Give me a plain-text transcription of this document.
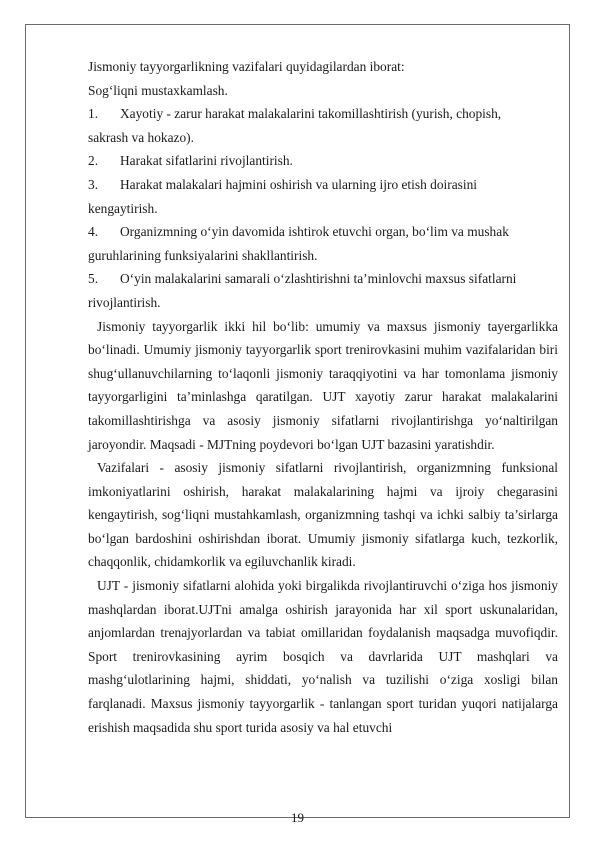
Jismoniy tayyorgarlikning vazifalari quyidagilardan iborat:

Sog‘liqni mustaxkamlash.

1. Xayotiy - zarur harakat malakalarini takomillashtirish (yurish, chopish,
sakrash va hokazo).
2. Harakat sifatlarini rivojlantirish.
3. Harakat malakalari hajmini oshirish va ularning ijro etish doirasini
kengaytirish.
4. Organizmning o‘yin davomida ishtirok etuvchi organ, bo‘lim va mushak
guruhlarining funksiyalarini shakllantirish.
5. O‘yin malakalarini samarali o‘zlashtirishni ta’minlovchi maxsus sifatlarni
rivojlantirish.

Jismoniy tayyorgarlik ikki hil bo‘lib: umumiy va maxsus jismoniy tayergarlikka bo‘linadi. Umumiy jismoniy tayyorgarlik sport trenirovkasini muhim vazifalaridan biri shug‘ullanuvchilarning to‘laqonli jismoniy taraqqiyotini va har tomonlama jismoniy tayyorgarligini ta’minlashga qaratilgan. UJT xayotiy zarur harakat malakalarini takomillashtirishga va asosiy jismoniy sifatlarni rivojlantirishga yo‘naltirilgan jaroyondir. Maqsadi - MJTning poydevori bo‘lgan UJT bazasini yaratishdir.

Vazifalari - asosiy jismoniy sifatlarni rivojlantirish, organizmning funksional imkoniyatlarini oshirish, harakat malakalarining hajmi va ijroiy chegarasini kengaytirish, sog‘liqni mustahkamlash, organizmning tashqi va ichki salbiy ta’sirlarga bo‘lgan bardoshini oshirishdan iborat. Umumiy jismoniy sifatlarga kuch, tezkorlik, chaqqonlik, chidamkorlik va egiluvchanlik kiradi.

UJT - jismoniy sifatlarni alohida yoki birgalikda rivojlantiruvchi o‘ziga hos jismoniy mashqlardan iborat.UJTni amalga oshirish jarayonida har xil sport uskunalaridan, anjomlardan trenajyorlardan va tabiat omillaridan foydalanish maqsadga muvofiqdir. Sport trenirovkasining ayrim bosqich va davrlarida UJT mashqlari va mashg‘ulotlarining hajmi, shiddati, yo‘nalish va tuzilishi o‘ziga xosligi bilan farqlanadi. Maxsus jismoniy tayyorgarlik - tanlangan sport turidan yuqori natijalarga erishish maqsadida shu sport turida asosiy va hal etuvchi

19
